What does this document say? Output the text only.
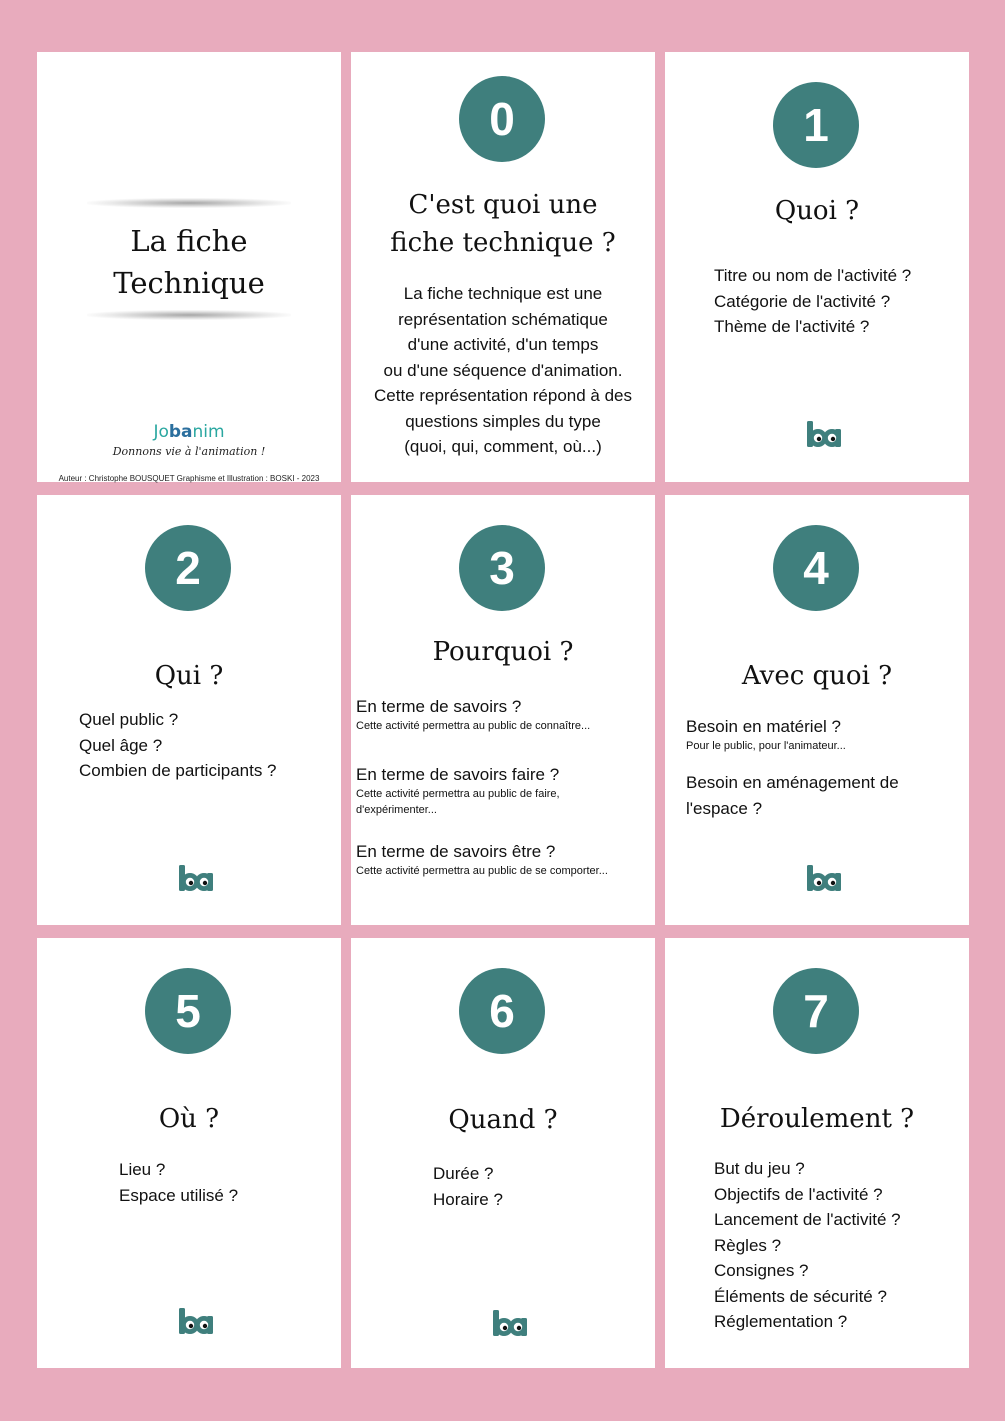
La fiche
Technique
Jobanim
Donnons vie à l'animation !
Auteur : Christophe BOUSQUET Graphisme et Illustration : BOSKI - 2023
0
C'est quoi une
fiche technique ?
La fiche technique est une
représentation schématique
d'une activité, d'un temps
ou d'une séquence d'animation.
Cette représentation répond à des
questions simples du type
(quoi, qui, comment, où...)
1
Quoi ?
Titre ou nom de l'activité ?
Catégorie de l'activité ?
Thème de l'activité ?
2
Qui ?
Quel public ?
Quel âge ?
Combien de participants ?
3
Pourquoi ?
En terme de savoirs ?
Cette activité permettra au public de connaître...
En terme de savoirs faire ?
Cette activité permettra au public de faire,
d'expérimenter...
En terme de savoirs être ?
Cette activité permettra au public de se comporter...
4
Avec quoi ?
Besoin en matériel ?
Pour le public, pour l'animateur...
Besoin en aménagement de
l'espace ?
5
Où ?
Lieu ?
Espace utilisé ?
6
Quand ?
Durée ?
Horaire ?
7
Déroulement ?
But du jeu ?
Objectifs de l'activité ?
Lancement de l'activité ?
Règles ?
Consignes ?
Éléments de sécurité ?
Réglementation ?
